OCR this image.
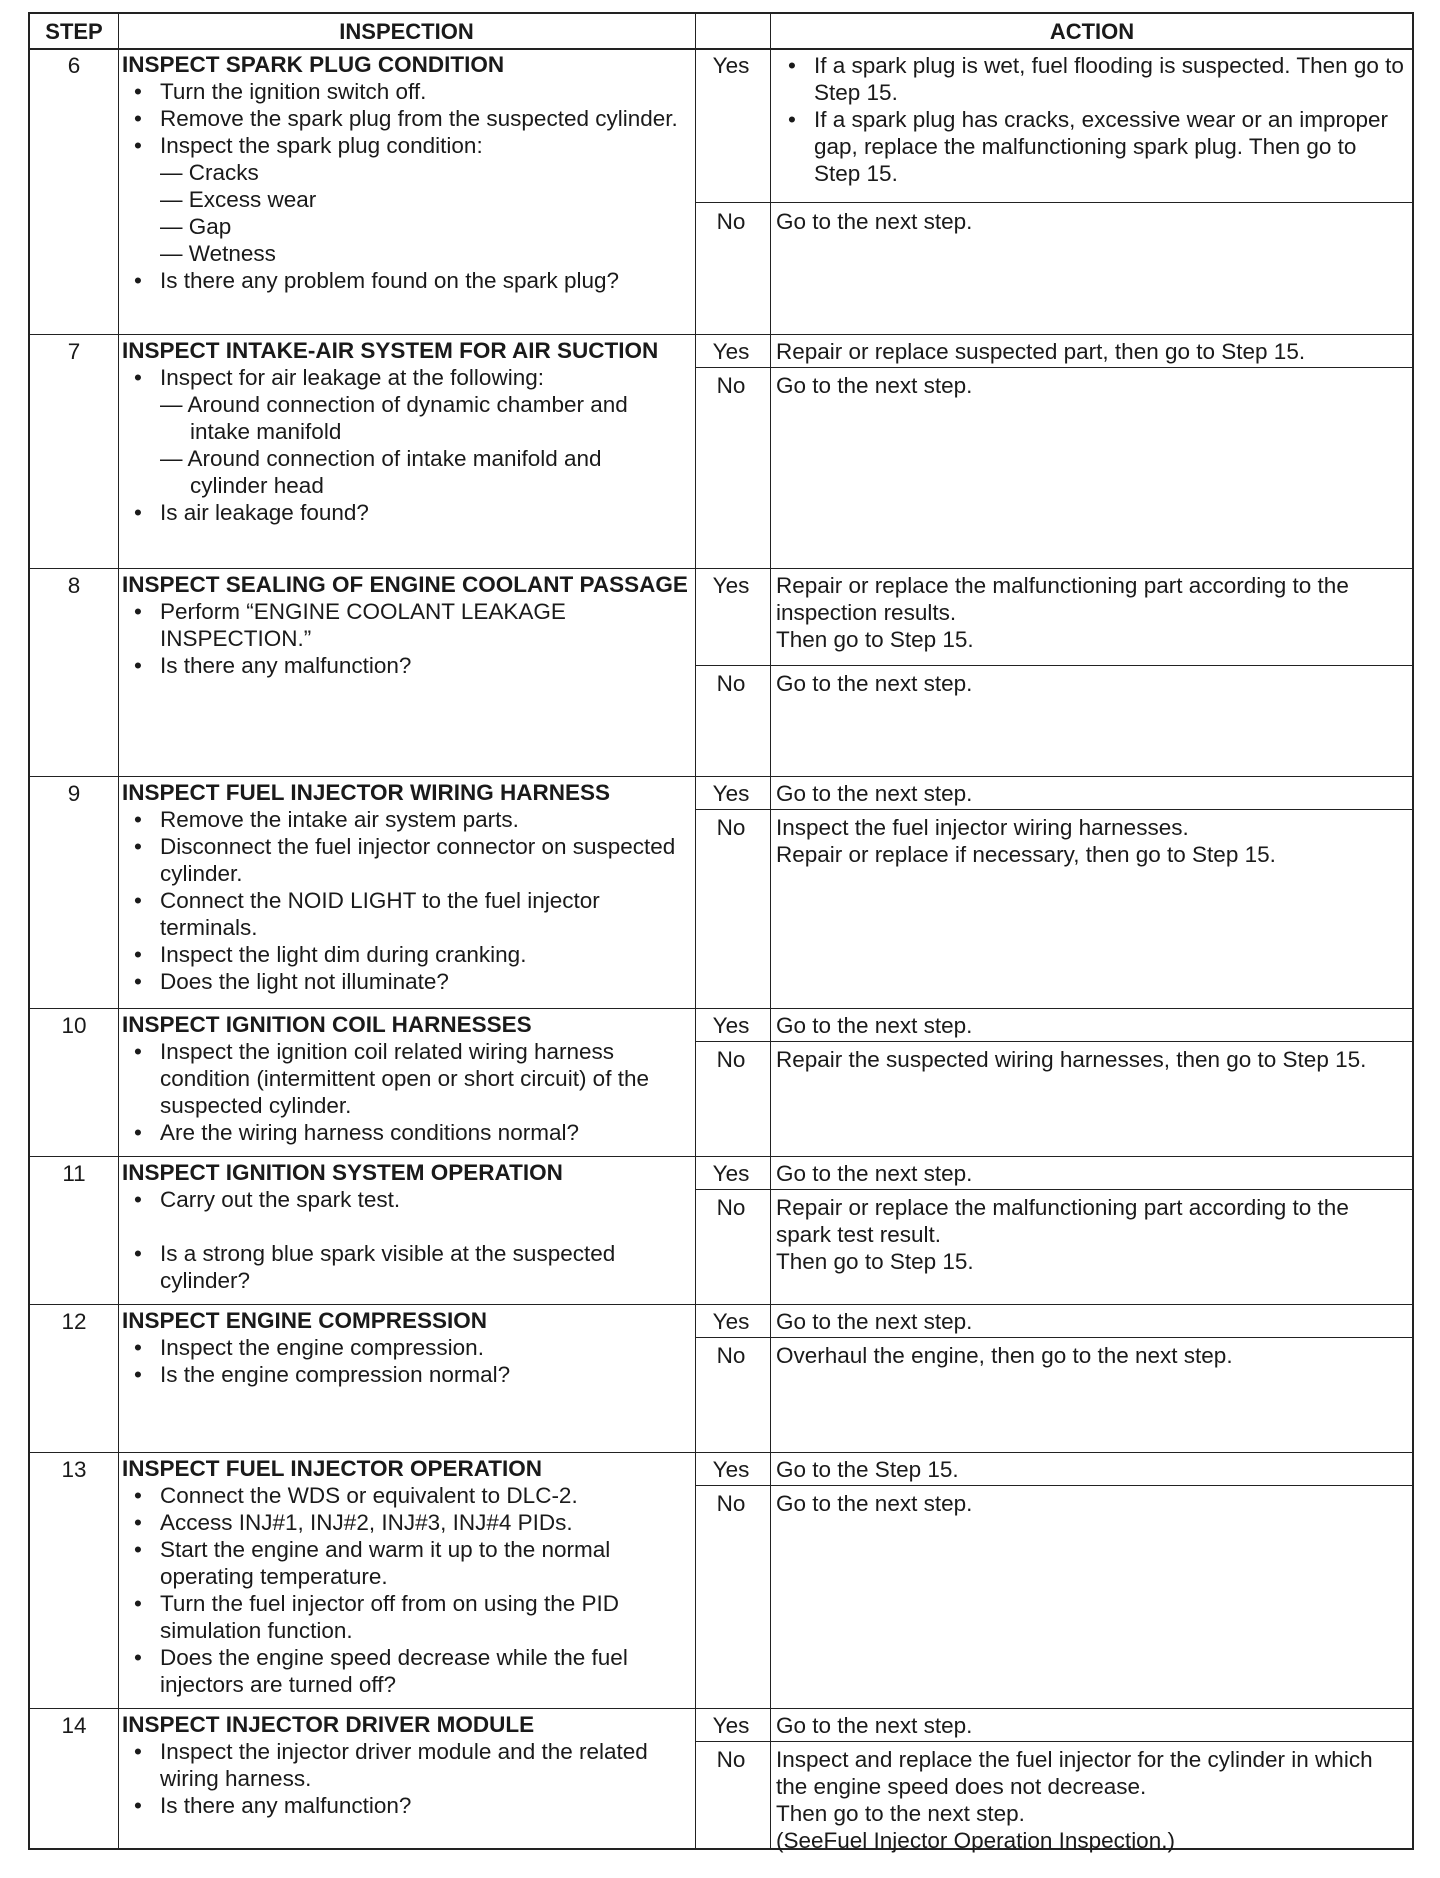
STEP	INSPECTION	ACTION
6	INSPECT SPARK PLUG CONDITION
• Turn the ignition switch off.
• Remove the spark plug from the suspected cylinder.
• Inspect the spark plug condition:
— Cracks
— Excess wear
— Gap
— Wetness
• Is there any problem found on the spark plug?
Yes
•	If a spark plug is wet, fuel flooding is suspected. Then go to Step 15.
• If a spark plug has cracks, excessive wear or an improper gap, replace the malfunctioning spark plug. Then go to Step 15.
No	Go to the next step.
7	INSPECT INTAKE-AIR SYSTEM FOR AIR SUCTION
• Inspect for air leakage at the following:
— Around connection of dynamic chamber and
intake manifold
— Around connection of intake manifold and
cylinder head
• Is air leakage found?
Yes	Repair or replace suspected part, then go to Step 15.
No	Go to the next step.
8	INSPECT SEALING OF ENGINE COOLANT PASSAGE
• Perform “ENGINE COOLANT LEAKAGE INSPECTION.”
• Is there any malfunction?
Yes	Repair or replace the malfunctioning part according to the inspection results.
Then go to Step 15.
No	Go to the next step.
9	INSPECT FUEL INJECTOR WIRING HARNESS
• Remove the intake air system parts.
• Disconnect the fuel injector connector on suspected cylinder.
• Connect the NOID LIGHT to the fuel injector terminals.
• Inspect the light dim during cranking.
• Does the light not illuminate?
Yes	Go to the next step.
No	Inspect the fuel injector wiring harnesses.
Repair or replace if necessary, then go to Step 15.
10	INSPECT IGNITION COIL HARNESSES
• Inspect the ignition coil related wiring harness condition (intermittent open or short circuit) of the suspected cylinder.
• Are the wiring harness conditions normal?
Yes	Go to the next step.
No	Repair the suspected wiring harnesses, then go to Step 15.
11	INSPECT IGNITION SYSTEM OPERATION
• Carry out the spark test.
• Is a strong blue spark visible at the suspected cylinder?
Yes	Go to the next step.
No	Repair or replace the malfunctioning part according to the spark test result.
Then go to Step 15.
12	INSPECT ENGINE COMPRESSION
• Inspect the engine compression.
• Is the engine compression normal?
Yes	Go to the next step.
No	Overhaul the engine, then go to the next step.
13	INSPECT FUEL INJECTOR OPERATION
• Connect the WDS or equivalent to DLC-2.
• Access INJ#1, INJ#2, INJ#3, INJ#4 PIDs.
• Start the engine and warm it up to the normal operating temperature.
• Turn the fuel injector off from on using the PID simulation function.
• Does the engine speed decrease while the fuel injectors are turned off?
Yes	Go to the Step 15.
No	Go to the next step.
14	INSPECT INJECTOR DRIVER MODULE
• Inspect the injector driver module and the related wiring harness.
• Is there any malfunction?
Yes	Go to the next step.
No	Inspect and replace the fuel injector for the cylinder in which the engine speed does not decrease.
Then go to the next step.
(SeeFuel Injector Operation Inspection.)
